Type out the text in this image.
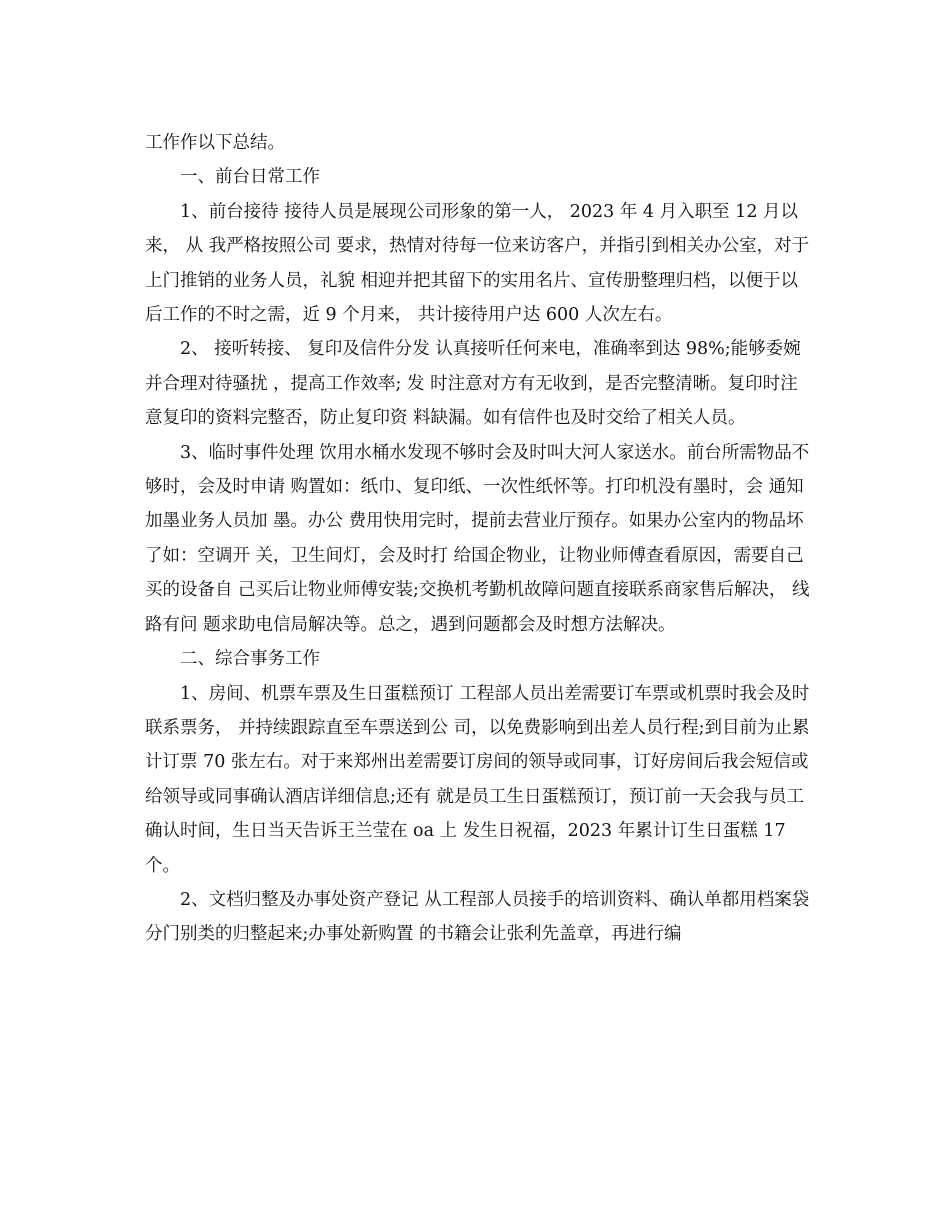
工作作以下总结。

一、前台日常工作

1、前台接待 接待人员是展现公司形象的第一人， 2023 年 4 月入职至 12 月以来， 从 我严格按照公司 要求，热情对待每一位来访客户，并指引到相关办公室，对于上门推销的业务人员，礼貌 相迎并把其留下的实用名片、宣传册整理归档，以便于以后工作的不时之需，近 9 个月来， 共计接待用户达 600 人次左右。

2、 接听转接、 复印及信件分发 认真接听任何来电，准确率到达 98%;能够委婉并合理对待骚扰 ，提高工作效率; 发 时注意对方有无收到，是否完整清晰。复印时注意复印的资料完整否，防止复印资 料缺漏。如有信件也及时交给了相关人员。

3、临时事件处理 饮用水桶水发现不够时会及时叫大河人家送水。前台所需物品不够时，会及时申请 购置如：纸巾、复印纸、一次性纸怀等。打印机没有墨时，会 通知加墨业务人员加 墨。办公 费用快用完时，提前去营业厅预存。如果办公室内的物品坏了如：空调开 关，卫生间灯，会及时打 给国企物业，让物业师傅查看原因，需要自己买的设备自 己买后让物业师傅安装;交换机考勤机故障问题直接联系商家售后解决， 线路有问 题求助电信局解决等。总之，遇到问题都会及时想方法解决。

二、综合事务工作

1、房间、机票车票及生日蛋糕预订 工程部人员出差需要订车票或机票时我会及时联系票务， 并持续跟踪直至车票送到公 司，以免费影响到出差人员行程;到目前为止累计订票 70 张左右。对于来郑州出差需要订房间的领导或同事，订好房间后我会短信或 给领导或同事确认酒店详细信息;还有 就是员工生日蛋糕预订，预订前一天会我与员工确认时间，生日当天告诉王兰莹在 oa 上 发生日祝福，2023 年累计订生日蛋糕 17 个。

2、文档归整及办事处资产登记 从工程部人员接手的培训资料、确认单都用档案袋分门别类的归整起来;办事处新购置 的书籍会让张利先盖章，再进行编
